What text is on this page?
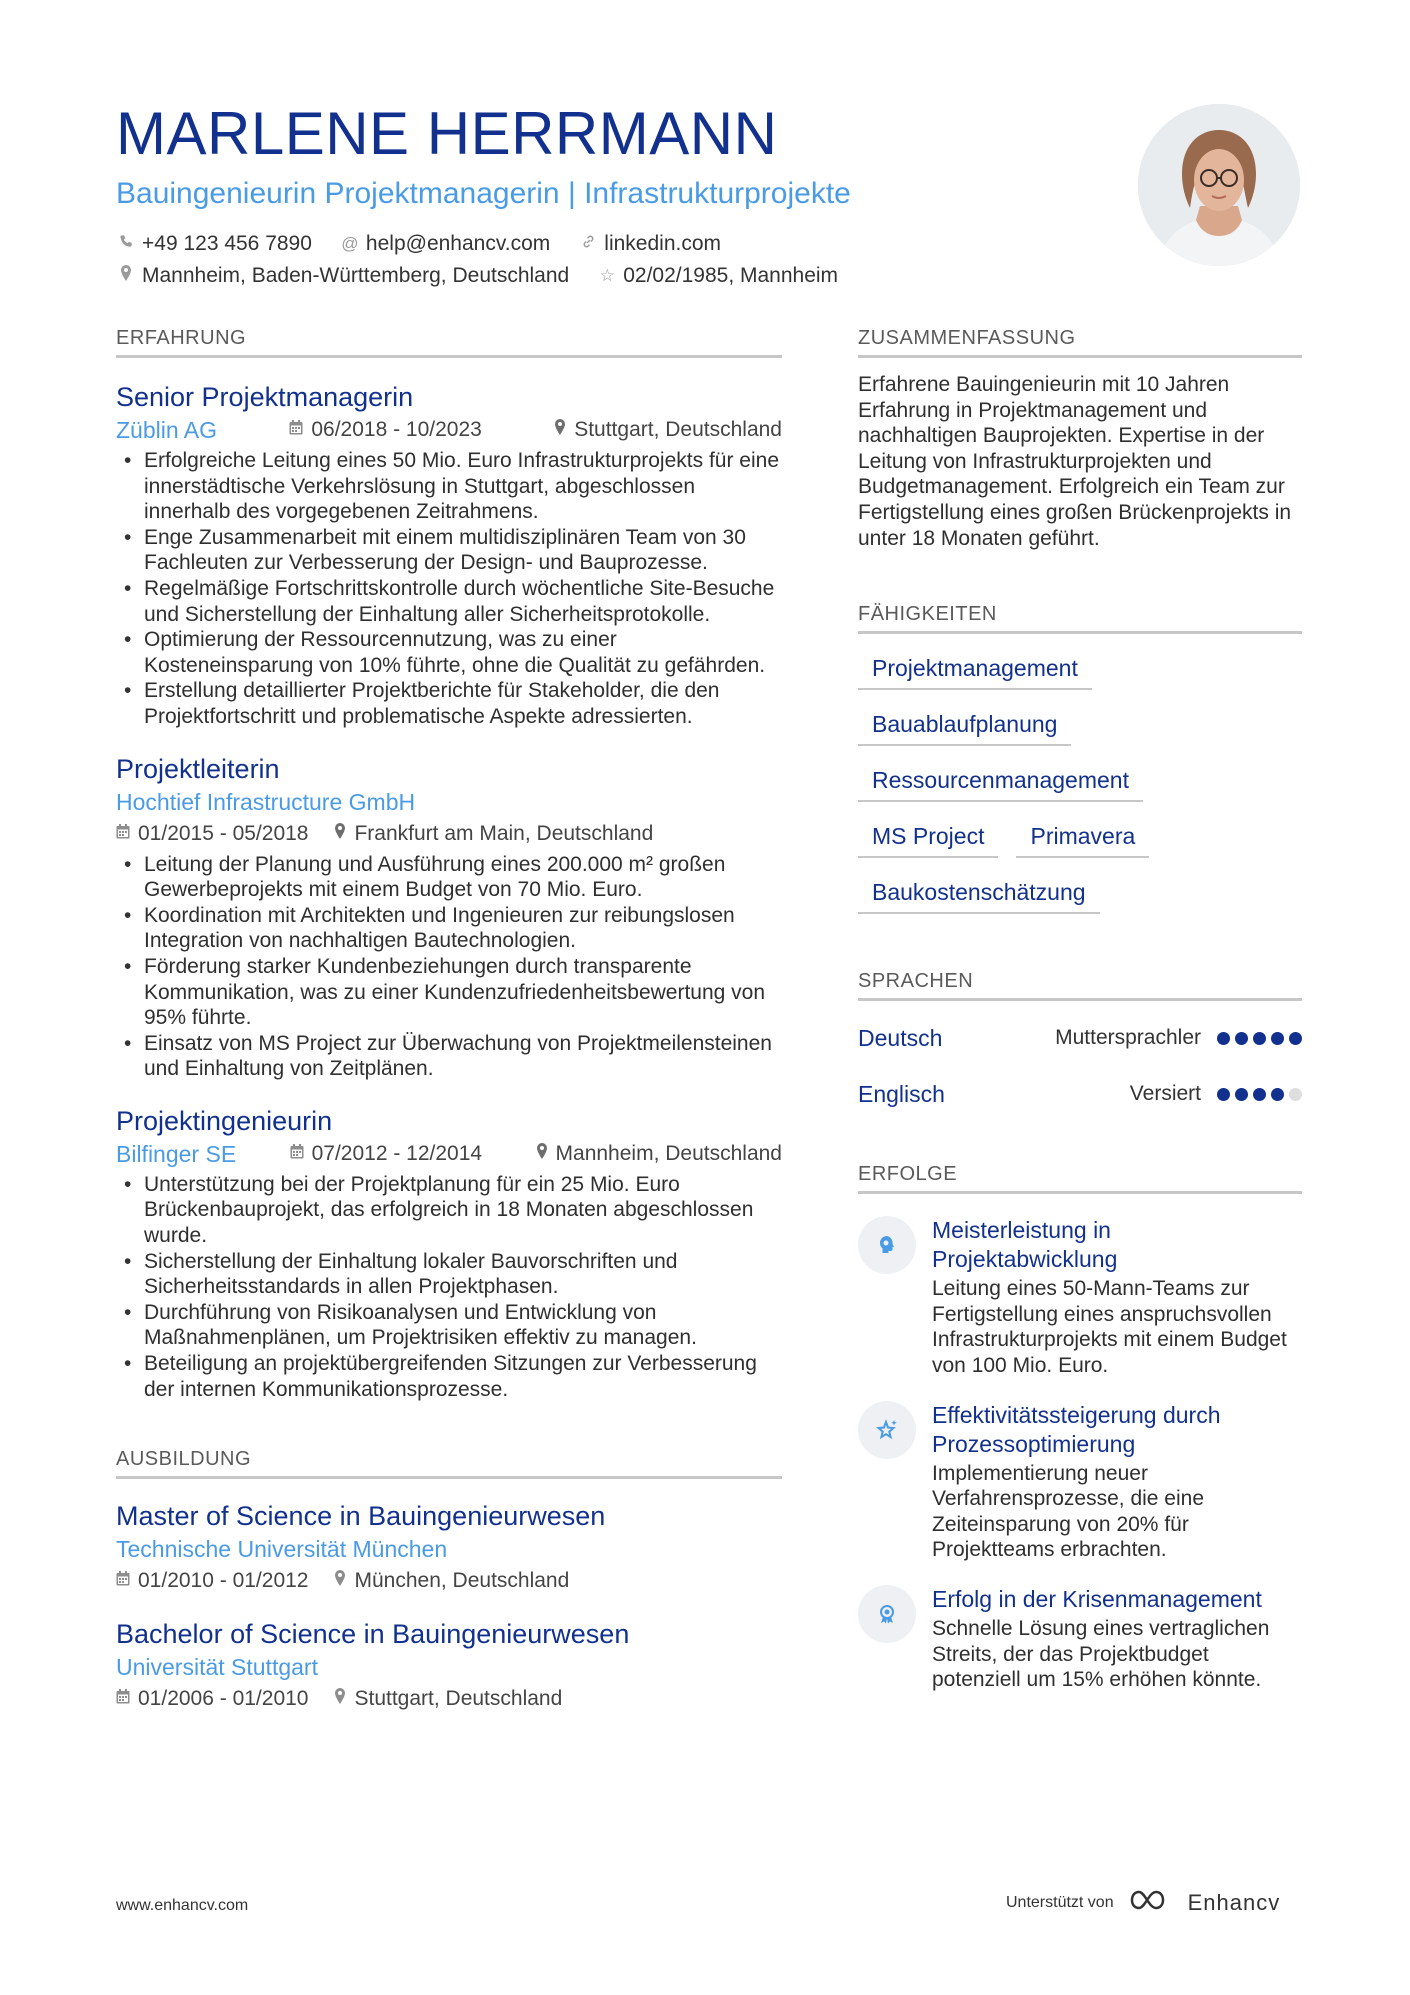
MARLENE HERRMANN
Bauingenieurin Projektmanagerin | Infrastrukturprojekte
+49 123 456 7890 @ help@enhancv.com	linkedin.com
Mannheim, Baden-Württemberg, Deutschland ☆ 02/02/1985, Mannheim
ERFAHRUNG
Senior Projektmanagerin
Züblin AG	06/2018 - 10/2023	Stuttgart, Deutschland
• Erfolgreiche Leitung eines 50 Mio. Euro Infrastrukturprojekts für eine innerstädtische Verkehrslösung in Stuttgart, abgeschlossen innerhalb des vorgegebenen Zeitrahmens.
• Enge Zusammenarbeit mit einem multidisziplinären Team von 30 Fachleuten zur Verbesserung der Design- und Bauprozesse.
• Regelmäßige Fortschrittskontrolle durch wöchentliche Site-Besuche und Sicherstellung der Einhaltung aller Sicherheitsprotokolle.
• Optimierung der Ressourcennutzung, was zu einer Kosteneinsparung von 10% führte, ohne die Qualität zu gefährden.
• Erstellung detaillierter Projektberichte für Stakeholder, die den Projektfortschritt und problematische Aspekte adressierten.
Projektleiterin
Hochtief Infrastructure GmbH
01/2015 - 05/2018 Frankfurt am Main, Deutschland
• Leitung der Planung und Ausführung eines 200.000 m² großen Gewerbeprojekts mit einem Budget von 70 Mio. Euro.
• Koordination mit Architekten und Ingenieuren zur reibungslosen Integration von nachhaltigen Bautechnologien.
• Förderung starker Kundenbeziehungen durch transparente Kommunikation, was zu einer Kundenzufriedenheitsbewertung von 95% führte.
• Einsatz von MS Project zur Überwachung von Projektmeilensteinen und Einhaltung von Zeitplänen.
Projektingenieurin
Bilfinger SE	07/2012 - 12/2014	Mannheim, Deutschland
• Unterstützung bei der Projektplanung für ein 25 Mio. Euro Brückenbauprojekt, das erfolgreich in 18 Monaten abgeschlossen wurde.
• Sicherstellung der Einhaltung lokaler Bauvorschriften und Sicherheitsstandards in allen Projektphasen.
• Durchführung von Risikoanalysen und Entwicklung von Maßnahmenplänen, um Projektrisiken effektiv zu managen.
• Beteiligung an projektübergreifenden Sitzungen zur Verbesserung der internen Kommunikationsprozesse.
AUSBILDUNG
Master of Science in Bauingenieurwesen
Technische Universität München
01/2010 - 01/2012 München, Deutschland
Bachelor of Science in Bauingenieurwesen
Universität Stuttgart
01/2006 - 01/2010 Stuttgart, Deutschland
ZUSAMMENFASSUNG
Erfahrene Bauingenieurin mit 10 Jahren Erfahrung in Projektmanagement und nachhaltigen Bauprojekten. Expertise in der Leitung von Infrastrukturprojekten und Budgetmanagement. Erfolgreich ein Team zur Fertigstellung eines großen Brückenprojekts in unter 18 Monaten geführt.
FÄHIGKEITEN
Projektmanagement
Bauablaufplanung
Ressourcenmanagement
MS Project	Primavera
Baukostenschätzung
SPRACHEN
Deutsch	Muttersprachler
Englisch	Versiert
ERFOLGE
Meisterleistung in Projektabwicklung
Leitung eines 50-Mann-Teams zur Fertigstellung eines anspruchsvollen Infrastrukturprojekts mit einem Budget von 100 Mio. Euro.
Effektivitätssteigerung durch Prozessoptimierung
Implementierung neuer Verfahrensprozesse, die eine Zeiteinsparung von 20% für Projektteams erbrachten.
Erfolg in der Krisenmanagement
Schnelle Lösung eines vertraglichen Streits, der das Projektbudget potenziell um 15% erhöhen könnte.
www.enhancv.com	Unterstützt von	Enhancv
